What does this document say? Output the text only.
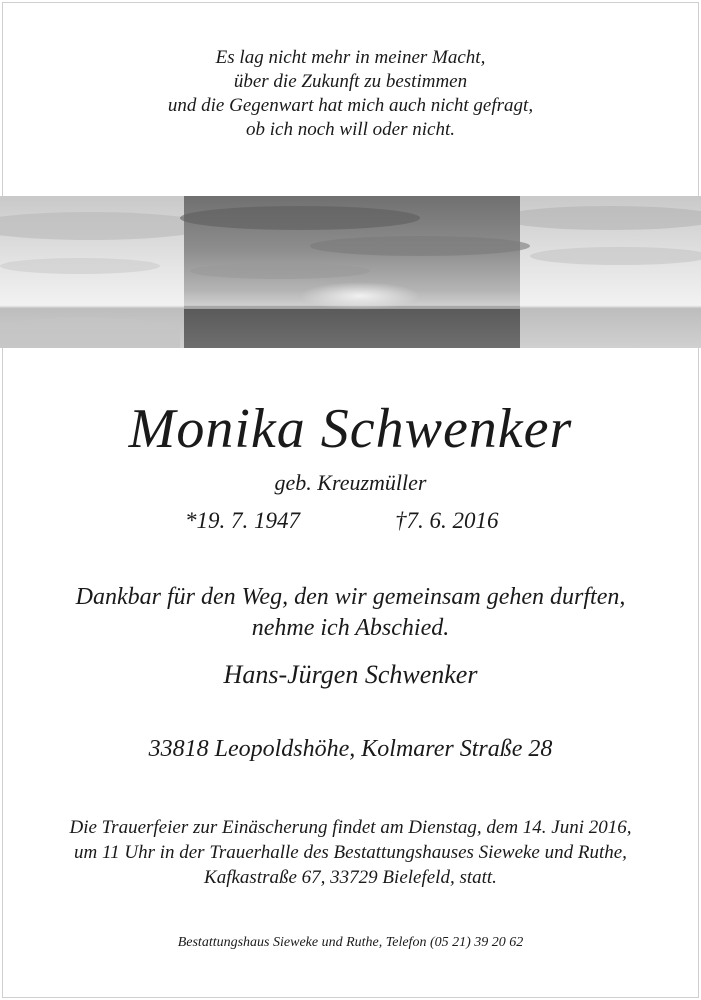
Es lag nicht mehr in meiner Macht,
über die Zukunft zu bestimmen
und die Gegenwart hat mich auch nicht gefragt,
ob ich noch will oder nicht.
Monika Schwenker
geb. Kreuzmüller
*19. 7. 1947	†7. 6. 2016
Dankbar für den Weg, den wir gemeinsam gehen durften,
nehme ich Abschied.
Hans-Jürgen Schwenker
33818 Leopoldshöhe, Kolmarer Straße 28
Die Trauerfeier zur Einäscherung findet am Dienstag, dem 14. Juni 2016,
um 11 Uhr in der Trauerhalle des Bestattungshauses Sieweke und Ruthe,
Kafkastraße 67, 33729 Bielefeld, statt.
Bestattungshaus Sieweke und Ruthe, Telefon (05 21) 39 20 62
